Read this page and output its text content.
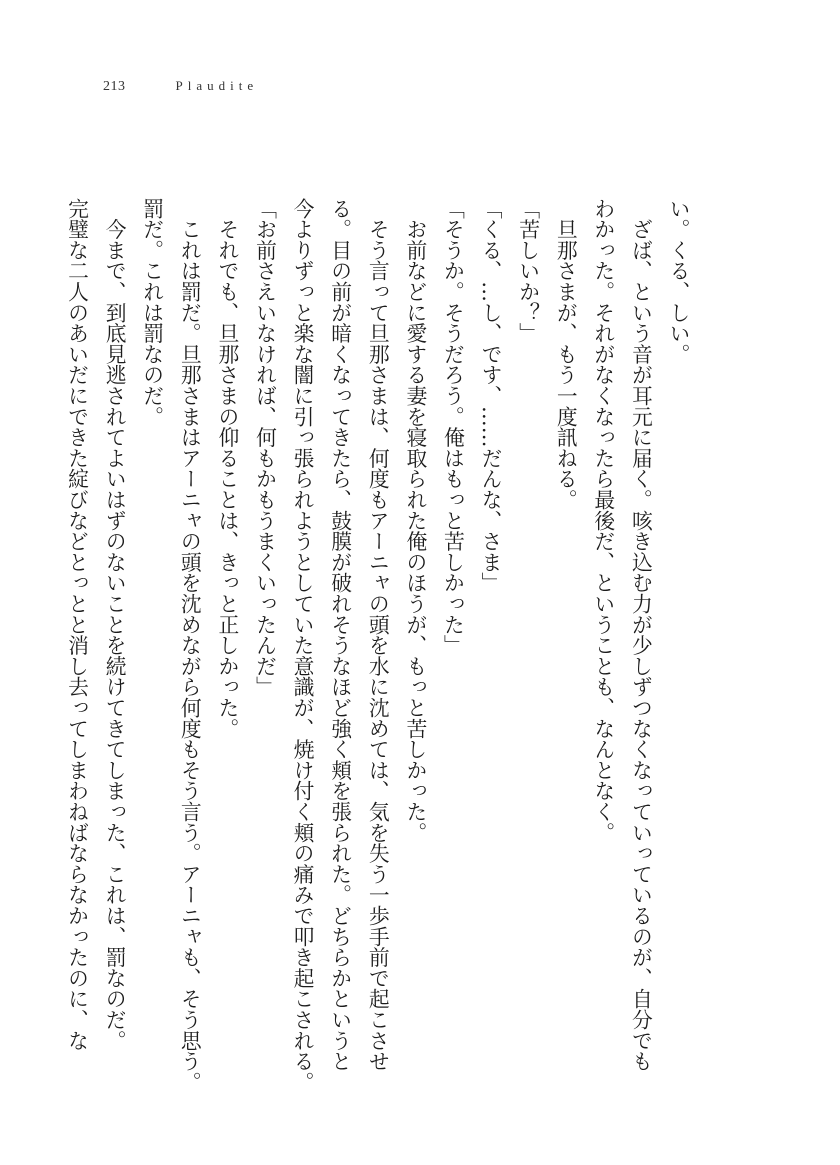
213	Plaudite

い。くる、しい。

　ざば、という音が耳元に届く。咳き込む力が少しずつなくなっていっているのが、自分でも

わかった。それがなくなったら最後だ、ということも、なんとなく。

　旦那さまが、もう一度訊ねる。

「苦しいか？」

「くる、…し、です、……だんな、さま」

「そうか。そうだろう。俺はもっと苦しかった」

　お前などに愛する妻を寝取られた俺のほうが、もっと苦しかった。

　そう言って旦那さまは、何度もアーニャの頭を水に沈めては、気を失う一歩手前で起こさせ

る。目の前が暗くなってきたら、鼓膜が破れそうなほど強く頬を張られた。どちらかというと

今よりずっと楽な闇に引っ張られようとしていた意識が、焼け付く頬の痛みで叩き起こされる。

「お前さえいなければ、何もかもうまくいったんだ」

　それでも、旦那さまの仰ることは、きっと正しかった。

　これは罰だ。旦那さまはアーニャの頭を沈めながら何度もそう言う。アーニャも、そう思う。

罰だ。これは罰なのだ。

　今まで、到底見逃されてよいはずのないことを続けてきてしまった、これは、罰なのだ。

完璧な二人のあいだにできた綻びなどとっとと消し去ってしまわねばならなかったのに、な
